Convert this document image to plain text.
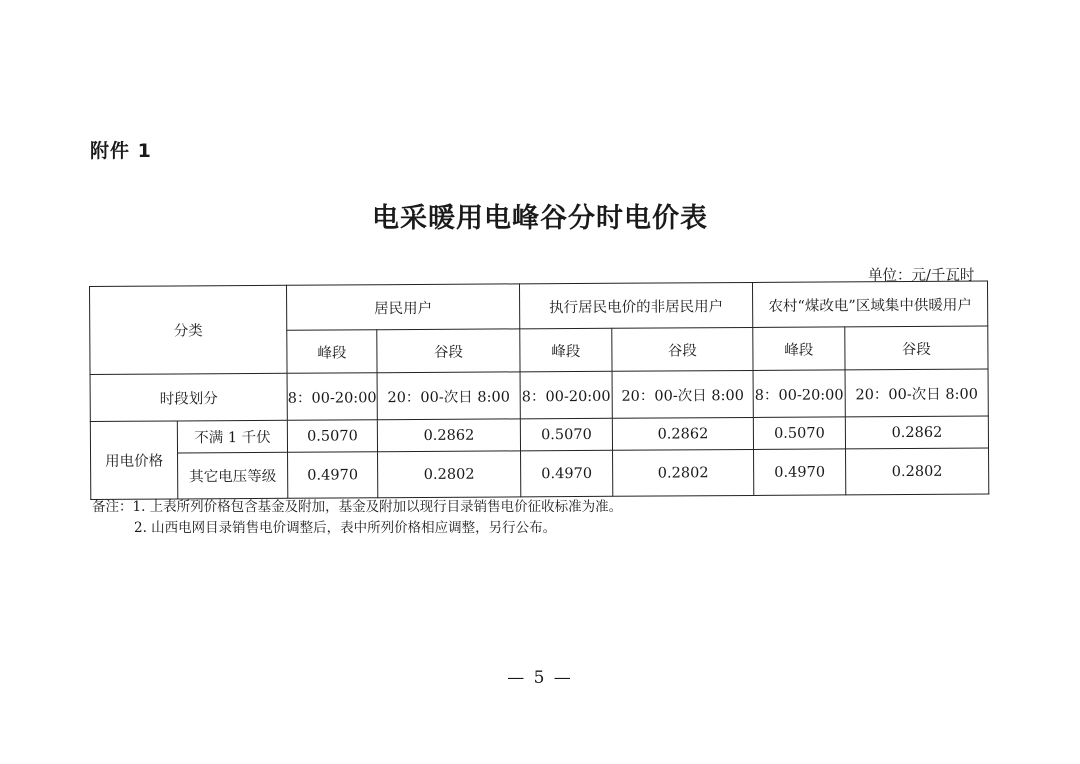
附件 1
电采暖用电峰谷分时电价表
单位：元/千瓦时
分类		居民用户		执行居民电价的非居民用户		农村“煤改电”区域集中供暖用户	
		峰段	谷段	峰段	谷段	峰段	谷段
时段划分		8：00-20:00	20：00-次日 8:00	8：00-20:00	20：00-次日 8:00	8：00-20:00	20：00-次日 8:00
用电价格	不满 1 千伏	0.5070	0.2862	0.5070	0.2862	0.5070	0.2862
	其它电压等级	0.4970	0.2802	0.4970	0.2802	0.4970	0.2802
备注：1. 上表所列价格包含基金及附加，基金及附加以现行目录销售电价征收标准为准。
2. 山西电网目录销售电价调整后，表中所列价格相应调整，另行公布。
— 5 —
